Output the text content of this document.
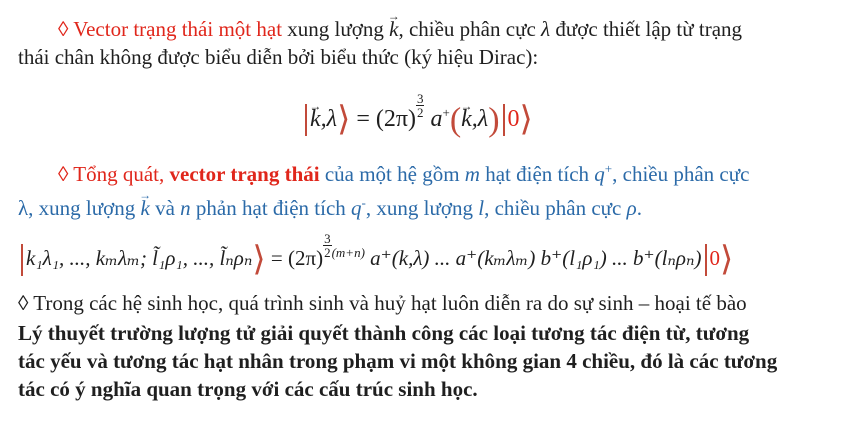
◊ Vector trạng thái một hạt xung lượng → k, chiều phân cực λ được thiết lập từ trạng
thái chân không được biểu diễn bởi biểu thức (ký hiệu Dirac):
→ k,λ⟩ = (2π) $^{\frac{3}{2}}$ a+(→ k,λ) 0⟩
◊ Tổng quát, vector trạng thái của một hệ gồm m hạt điện tích q+, chiều phân cực
λ, xung lượng → k và n phản hạt điện tích q-, xung lượng l, chiều phân cực ρ.
k₁λ₁, ..., kₘλₘ; l̃₁ρ₁, ..., l̃ₙρₙ⟩ = (2π) $^{\frac{3}{2}}$ $^{(m+n)}$ a⁺(k,λ) ... a⁺(kₘλₘ) b⁺(l₁ρ₁) ... b⁺(lₙρₙ) 0⟩
◊ Trong các hệ sinh học, quá trình sinh và huỷ hạt luôn diễn ra do sự sinh – hoại tế bào
Lý thuyết trường lượng tử giải quyết thành công các loại tương tác điện từ, tương
tác yếu và tương tác hạt nhân trong phạm vi một không gian 4 chiều, đó là các tương
tác có ý nghĩa quan trọng với các cấu trúc sinh học.
